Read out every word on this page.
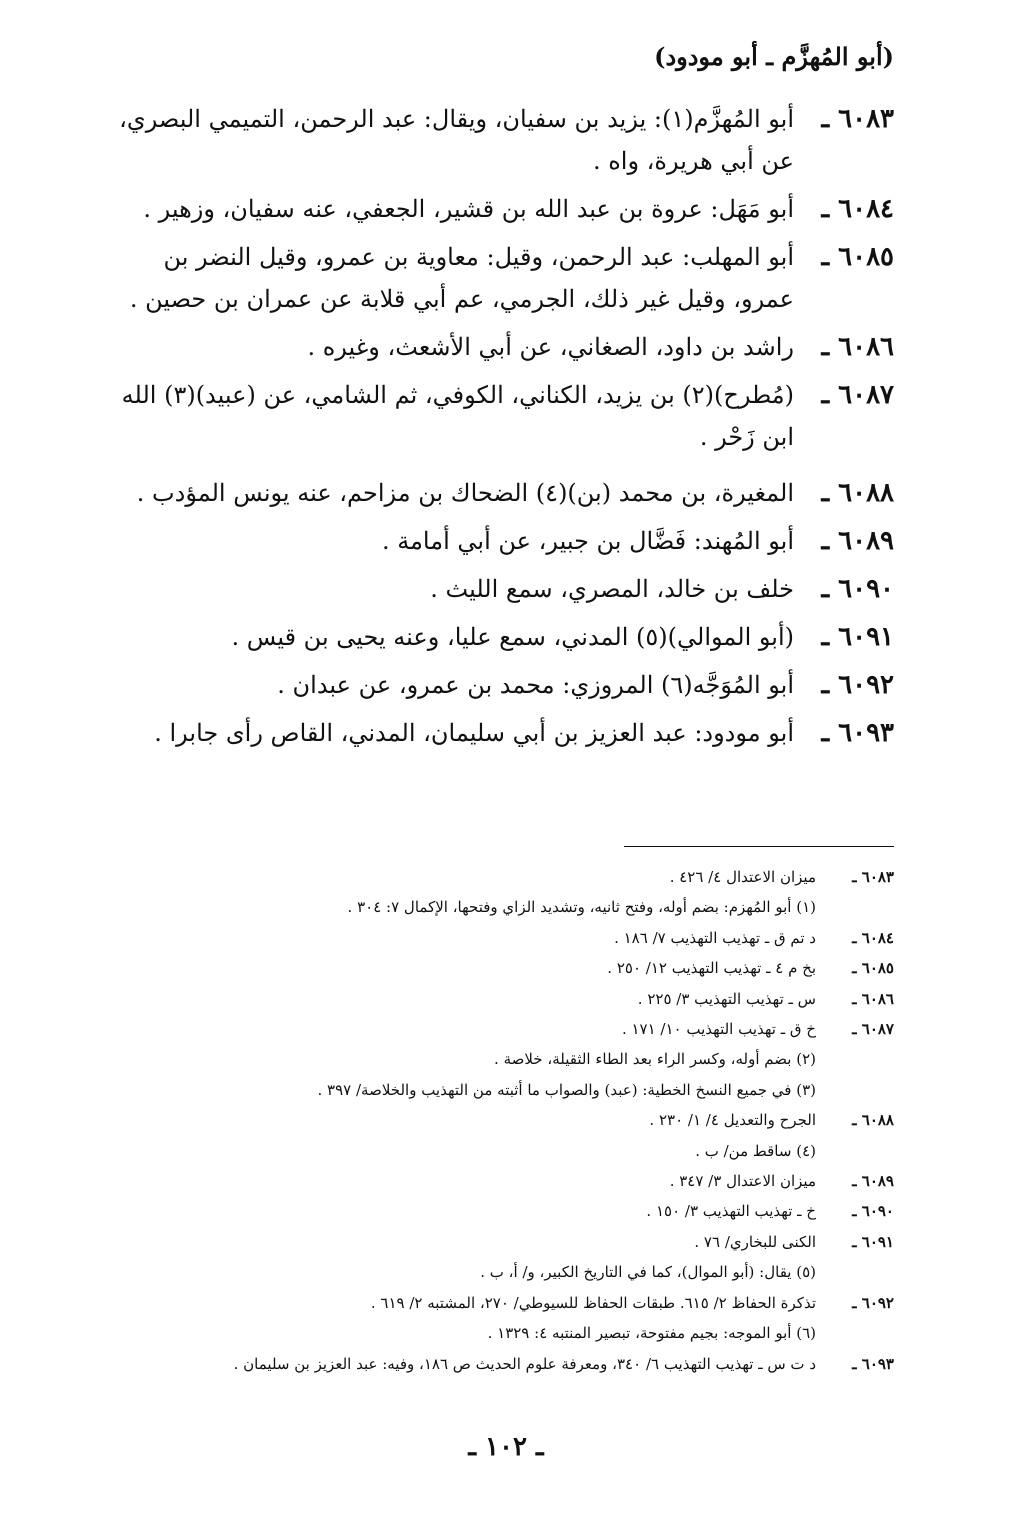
(أبو المُهزَّم ـ أبو مودود)
٦٠٨٣ ـ
أبو المُهزَّم(١): يزيد بن سفيان، ويقال: عبد الرحمن، التميمي البصري،
عن أبي هريرة، واه .
٦٠٨٤ ـ
أبو مَهَل: عروة بن عبد الله بن قشير، الجعفي، عنه سفيان، وزهير .
٦٠٨٥ ـ
أبو المهلب: عبد الرحمن، وقيل: معاوية بن عمرو، وقيل النضر بن
عمرو، وقيل غير ذلك، الجرمي، عم أبي قلابة عن عمران بن حصين .
٦٠٨٦ ـ
راشد بن داود، الصغاني، عن أبي الأشعث، وغيره .
٦٠٨٧ ـ
(مُطرح)(٢) بن يزيد، الكناني، الكوفي، ثم الشامي، عن (عبيد)(٣) الله
ابن زَحْر .
٦٠٨٨ ـ
المغيرة، بن محمد (بن)(٤) الضحاك بن مزاحم، عنه يونس المؤدب .
٦٠٨٩ ـ
أبو المُهند: فَضَّال بن جبير، عن أبي أمامة .
٦٠٩٠ ـ
خلف بن خالد، المصري، سمع الليث .
٦٠٩١ ـ
(أبو الموالي)(٥) المدني، سمع عليا، وعنه يحيى بن قيس .
٦٠٩٢ ـ
أبو المُوَجَّه(٦) المروزي: محمد بن عمرو، عن عبدان .
٦٠٩٣ ـ
أبو مودود: عبد العزيز بن أبي سليمان، المدني، القاص رأى جابرا .
٦٠٨٣ ـ
ميزان الاعتدال ٤/ ٤٢٦ .
(١) أبو المُهزم: بضم أوله، وفتح ثانيه، وتشديد الزاي وفتحها، الإكمال ٧: ٣٠٤ .
٦٠٨٤ ـ
د تم ق ـ تهذيب التهذيب ٧/ ١٨٦ .
٦٠٨٥ ـ
بخ م ٤ ـ تهذيب التهذيب ١٢/ ٢٥٠ .
٦٠٨٦ ـ
س ـ تهذيب التهذيب ٣/ ٢٢٥ .
٦٠٨٧ ـ
خ ق ـ تهذيب التهذيب ١٠/ ١٧١ .
(٢) بضم أوله، وكسر الراء بعد الطاء الثقيلة، خلاصة .
(٣) في جميع النسخ الخطية: (عبد) والصواب ما أثبته من التهذيب والخلاصة/ ٣٩٧ .
٦٠٨٨ ـ
الجرح والتعديل ٤/ ١/ ٢٣٠ .
(٤) ساقط من/ ب .
٦٠٨٩ ـ
ميزان الاعتدال ٣/ ٣٤٧ .
٦٠٩٠ ـ
خ ـ تهذيب التهذيب ٣/ ١٥٠ .
٦٠٩١ ـ
الكنى للبخاري/ ٧٦ .
(٥) يقال: (أبو الموال)، كما في التاريخ الكبير، و/ أ، ب .
٦٠٩٢ ـ
تذكرة الحفاظ ٢/ ٦١٥. طبقات الحفاظ للسيوطي/ ٢٧٠، المشتبه ٢/ ٦١٩ .
(٦) أبو الموجه: بجيم مفتوحة، تبصير المنتبه ٤: ١٣٢٩ .
٦٠٩٣ ـ
د ت س ـ تهذيب التهذيب ٦/ ٣٤٠، ومعرفة علوم الحديث ص ١٨٦، وفيه: عبد العزيز بن سليمان .
ـ ١٠٢ ـ
